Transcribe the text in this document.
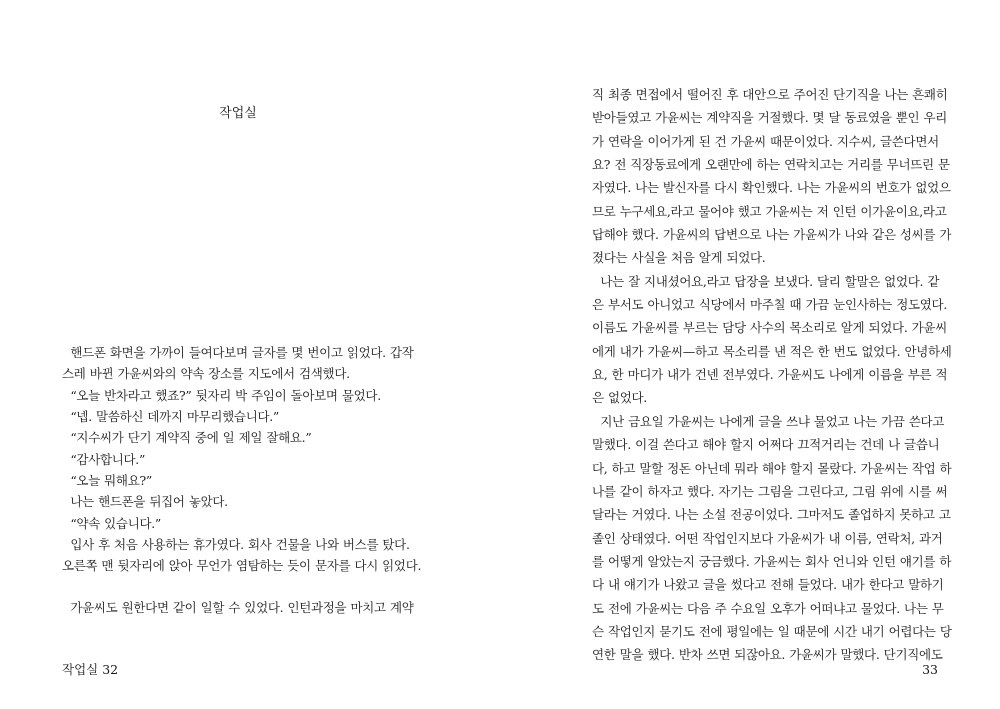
작업실

핸드폰 화면을 가까이 들여다보며 글자를 몇 번이고 읽었다. 갑작

스레 바뀐 가윤씨와의 약속 장소를 지도에서 검색했다.

“오늘 반차라고 했죠?” 뒷자리 박 주임이 돌아보며 물었다.

“넵. 말씀하신 데까지 마무리했습니다.”

“지수씨가 단기 계약직 중에 일 제일 잘해요.”

“감사합니다.”

“오늘 뭐해요?”

나는 핸드폰을 뒤집어 놓았다.

“약속 있습니다.”

입사 후 처음 사용하는 휴가였다. 회사 건물을 나와 버스를 탔다.

오른쪽 맨 뒷자리에 앉아 무언가 염탐하는 듯이 문자를 다시 읽었다.

가윤씨도 원한다면 같이 일할 수 있었다. 인턴과정을 마치고 계약

작업실 32

직 최종 면접에서 떨어진 후 대안으로 주어진 단기직을 나는 흔쾌히

받아들였고 가윤씨는 계약직을 거절했다. 몇 달 동료였을 뿐인 우리

가 연락을 이어가게 된 건 가윤씨 때문이었다. 지수씨, 글쓴다면서

요? 전 직장동료에게 오랜만에 하는 연락치고는 거리를 무너뜨린 문

자였다. 나는 발신자를 다시 확인했다. 나는 가윤씨의 번호가 없었으

므로 누구세요,라고 물어야 했고 가윤씨는 저 인턴 이가윤이요,라고

답해야 했다. 가윤씨의 답변으로 나는 가윤씨가 나와 같은 성씨를 가

졌다는 사실을 처음 알게 되었다.

나는 잘 지내셨어요,라고 답장을 보냈다. 달리 할말은 없었다. 같

은 부서도 아니었고 식당에서 마주칠 때 가끔 눈인사하는 정도였다.

이름도 가윤씨를 부르는 담당 사수의 목소리로 알게 되었다. 가윤씨

에게 내가 가윤씨—하고 목소리를 낸 적은 한 번도 없었다. 안녕하세

요, 한 마디가 내가 건넨 전부였다. 가윤씨도 나에게 이름을 부른 적

은 없었다.

지난 금요일 가윤씨는 나에게 글을 쓰냐 물었고 나는 가끔 쓴다고

말했다. 이걸 쓴다고 해야 할지 어쩌다 끄적거리는 건데 나 글씁니

다, 하고 말할 정돈 아닌데 뭐라 해야 할지 몰랐다. 가윤씨는 작업 하

나를 같이 하자고 했다. 자기는 그림을 그린다고, 그림 위에 시를 써

달라는 거였다. 나는 소설 전공이었다. 그마저도 졸업하지 못하고 고

졸인 상태였다. 어떤 작업인지보다 가윤씨가 내 이름, 연락처, 과거

를 어떻게 알았는지 궁금했다. 가윤씨는 회사 언니와 인턴 얘기를 하

다 내 얘기가 나왔고 글을 썼다고 전해 들었다. 내가 한다고 말하기

도 전에 가윤씨는 다음 주 수요일 오후가 어떠냐고 물었다. 나는 무

슨 작업인지 묻기도 전에 평일에는 일 때문에 시간 내기 어렵다는 당

연한 말을 했다. 반차 쓰면 되잖아요. 가윤씨가 말했다. 단기직에도

33
